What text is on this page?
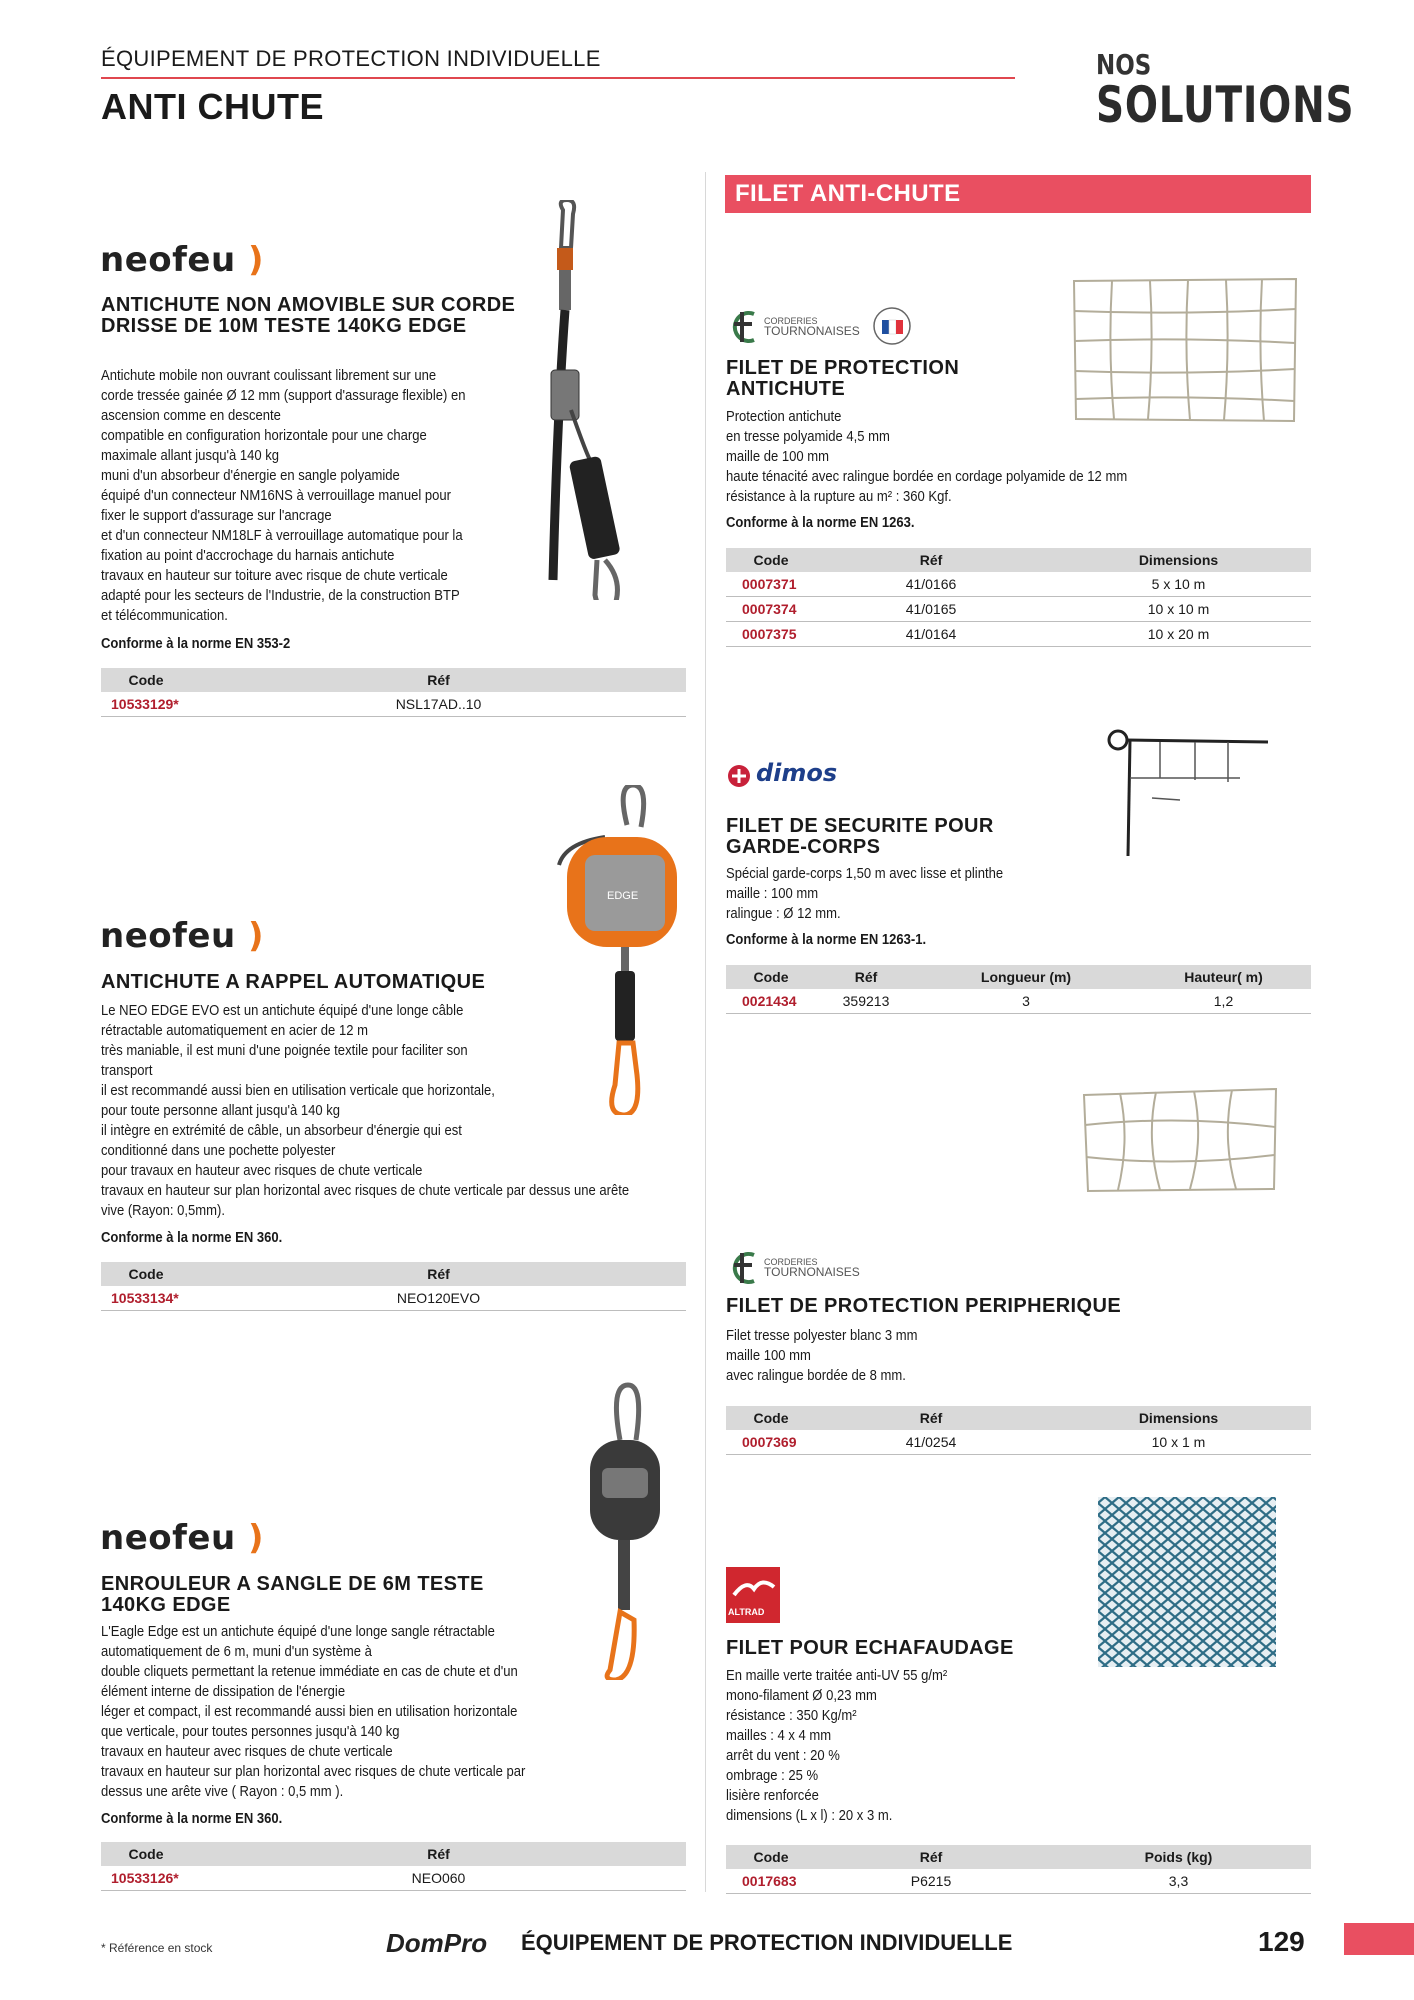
ÉQUIPEMENT DE PROTECTION INDIVIDUELLE
ANTI CHUTE
NOS
SOLUTIONS
neofeu )
ANTICHUTE NON AMOVIBLE SUR CORDE DRISSE DE 10M TESTE 140KG EDGE
Antichute mobile non ouvrant coulissant librement sur une
corde tressée gainée Ø 12 mm (support d'assurage flexible) en
ascension comme en descente
compatible en configuration horizontale pour une charge
maximale allant jusqu'à 140 kg
muni d'un absorbeur d'énergie en sangle polyamide
équipé d'un connecteur NM16NS à verrouillage manuel pour
fixer le support d'assurage sur l'ancrage
et d'un connecteur NM18LF à verrouillage automatique pour la
fixation au point d'accrochage du harnais antichute
travaux en hauteur sur toiture avec risque de chute verticale
adapté pour les secteurs de l'Industrie, de la construction BTP
et télécommunication.
Conforme à la norme EN 353-2
Code	Réf
10533129*	NSL17AD..10
neofeu )
ANTICHUTE A RAPPEL AUTOMATIQUE
Le NEO EDGE EVO est un antichute équipé d'une longe câble
rétractable automatiquement en acier de 12 m
très maniable, il est muni d'une poignée textile pour faciliter son
transport
il est recommandé aussi bien en utilisation verticale que horizontale,
pour toute personne allant jusqu'à 140 kg
il intègre en extrémité de câble, un absorbeur d'énergie qui est
conditionné dans une pochette polyester
pour travaux en hauteur avec risques de chute verticale
travaux en hauteur sur plan horizontal avec risques de chute verticale par dessus une arête
vive (Rayon: 0,5mm).
Conforme à la norme EN 360.
Code	Réf
10533134*	NEO120EVO
EDGE
neofeu )
ENROULEUR A SANGLE DE 6M TESTE 140KG EDGE
L'Eagle Edge est un antichute équipé d'une longe sangle rétractable
automatiquement de 6 m, muni d'un système à
double cliquets permettant la retenue immédiate en cas de chute et d'un
élément interne de dissipation de l'énergie
léger et compact, il est recommandé aussi bien en utilisation horizontale
que verticale, pour toutes personnes jusqu'à 140 kg
travaux en hauteur avec risques de chute verticale
travaux en hauteur sur plan horizontal avec risques de chute verticale par
dessus une arête vive ( Rayon : 0,5 mm ).
Conforme à la norme EN 360.
Code	Réf
10533126*	NEO060
FILET ANTI-CHUTE
CORDERIES
TOURNONAISES
FILET DE PROTECTION ANTICHUTE
Protection antichute
en tresse polyamide 4,5 mm
maille de 100 mm
haute ténacité avec ralingue bordée en cordage polyamide de 12 mm
résistance à la rupture au m² : 360 Kgf.
Conforme à la norme EN 1263.
Code	Réf	Dimensions
0007371	41/0166	5 x 10 m
0007374	41/0165	10 x 10 m
0007375	41/0164	10 x 20 m
dimos
FILET DE SECURITE POUR GARDE-CORPS
Spécial garde-corps 1,50 m avec lisse et plinthe
maille : 100 mm
ralingue : Ø 12 mm.
Conforme à la norme EN 1263-1.
Code	Réf	Longueur (m)	Hauteur( m)
0021434	359213	3	1,2
CORDERIES
TOURNONAISES
FILET DE PROTECTION PERIPHERIQUE
Filet tresse polyester blanc 3 mm
maille 100 mm
avec ralingue bordée de 8 mm.
Code	Réf	Dimensions
0007369	41/0254	10 x 1 m
ALTRAD
FILET POUR ECHAFAUDAGE
En maille verte traitée anti-UV 55 g/m²
mono-filament Ø 0,23 mm
résistance : 350 Kg/m²
mailles : 4 x 4 mm
arrêt du vent : 20 %
ombrage : 25 %
lisière renforcée
dimensions (L x l) : 20 x 3 m.
Code	Réf	Poids (kg)
0017683	P6215	3,3
* Référence en stock	DomPro ÉQUIPEMENT DE PROTECTION INDIVIDUELLE	129
